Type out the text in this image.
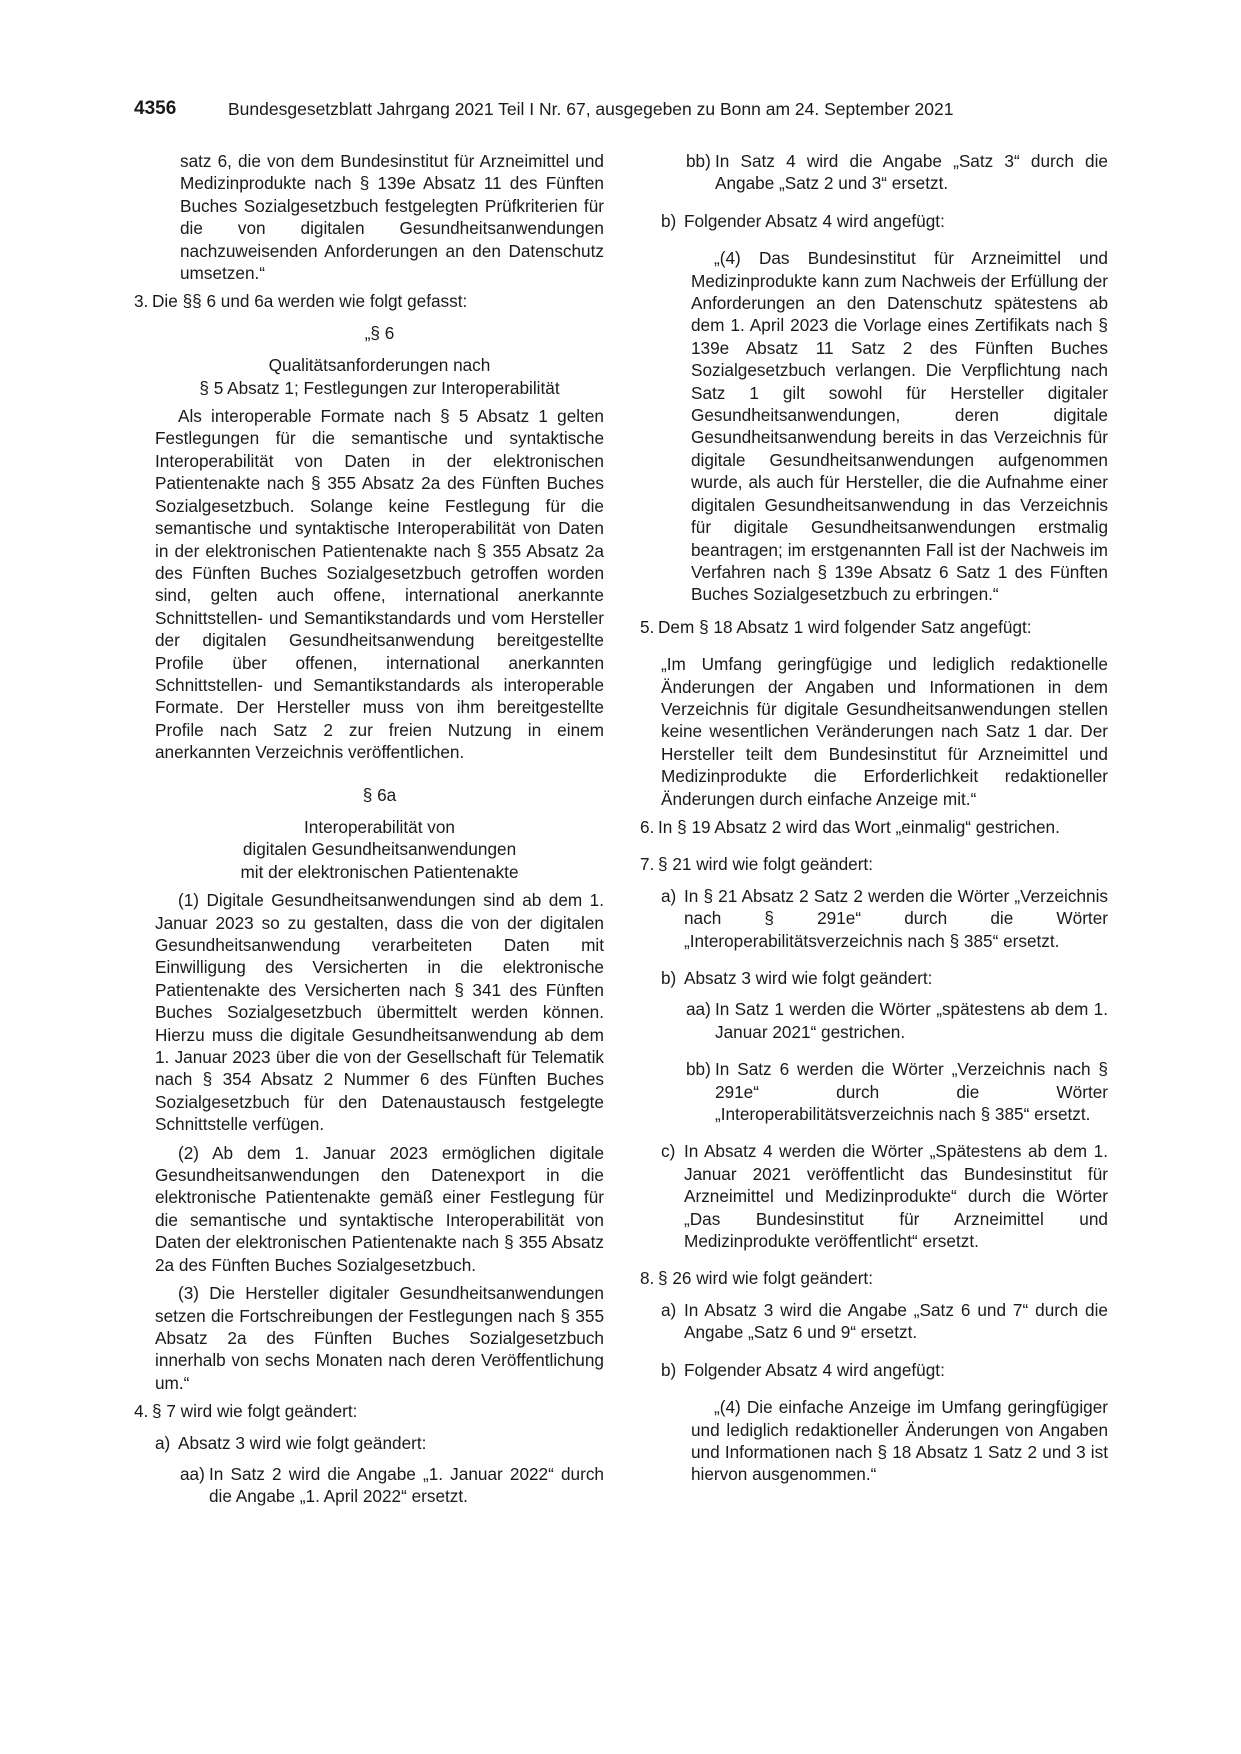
4356	Bundesgesetzblatt Jahrgang 2021 Teil I Nr. 67, ausgegeben zu Bonn am 24. September 2021

satz 6, die von dem Bundesinstitut für Arzneimittel und Medizinprodukte nach § 139e Absatz 11 des Fünften Buches Sozialgesetzbuch festgelegten Prüfkriterien für die von digitalen Gesundheitsanwendungen nachzuweisenden Anforderungen an den Datenschutz umsetzen.“

3. Die §§ 6 und 6a werden wie folgt gefasst:

„§ 6

Qualitätsanforderungen nach

§ 5 Absatz 1; Festlegungen zur Interoperabilität

Als interoperable Formate nach § 5 Absatz 1 gelten Festlegungen für die semantische und syntaktische Interoperabilität von Daten in der elektronischen Patientenakte nach § 355 Absatz 2a des Fünften Buches Sozialgesetzbuch. Solange keine Festlegung für die semantische und syntaktische Interoperabilität von Daten in der elektronischen Patientenakte nach § 355 Absatz 2a des Fünften Buches Sozialgesetzbuch getroffen worden sind, gelten auch offene, international anerkannte Schnittstellen- und Semantikstandards und vom Hersteller der digitalen Gesundheitsanwendung bereitgestellte Profile über offenen, international anerkannten Schnittstellen- und Semantikstandards als interoperable Formate. Der Hersteller muss von ihm bereitgestellte Profile nach Satz 2 zur freien Nutzung in einem anerkannten Verzeichnis veröffentlichen.

§ 6a

Interoperabilität von

digitalen Gesundheitsanwendungen

mit der elektronischen Patientenakte

(1) Digitale Gesundheitsanwendungen sind ab dem 1. Januar 2023 so zu gestalten, dass die von der digitalen Gesundheitsanwendung verarbeiteten Daten mit Einwilligung des Versicherten in die elektronische Patientenakte des Versicherten nach § 341 des Fünften Buches Sozialgesetzbuch übermittelt werden können. Hierzu muss die digitale Gesundheitsanwendung ab dem 1. Januar 2023 über die von der Gesellschaft für Telematik nach § 354 Absatz 2 Nummer 6 des Fünften Buches Sozialgesetzbuch für den Datenaustausch festgelegte Schnittstelle verfügen.

(2) Ab dem 1. Januar 2023 ermöglichen digitale Gesundheitsanwendungen den Datenexport in die elektronische Patientenakte gemäß einer Festlegung für die semantische und syntaktische Interoperabilität von Daten der elektronischen Patientenakte nach § 355 Absatz 2a des Fünften Buches Sozialgesetzbuch.

(3) Die Hersteller digitaler Gesundheitsanwendungen setzen die Fortschreibungen der Festlegungen nach § 355 Absatz 2a des Fünften Buches Sozialgesetzbuch innerhalb von sechs Monaten nach deren Veröffentlichung um.“

4. § 7 wird wie folgt geändert:
a) Absatz 3 wird wie folgt geändert:
aa) In Satz 2 wird die Angabe „1. Januar 2022“ durch die Angabe „1. April 2022“ ersetzt.
bb) In Satz 4 wird die Angabe „Satz 3“ durch die Angabe „Satz 2 und 3“ ersetzt.
b) Folgender Absatz 4 wird angefügt:

„(4) Das Bundesinstitut für Arzneimittel und Medizinprodukte kann zum Nachweis der Erfüllung der Anforderungen an den Datenschutz spätestens ab dem 1. April 2023 die Vorlage eines Zertifikats nach § 139e Absatz 11 Satz 2 des Fünften Buches Sozialgesetzbuch verlangen. Die Verpflichtung nach Satz 1 gilt sowohl für Hersteller digitaler Gesundheitsanwendungen, deren digitale Gesundheitsanwendung bereits in das Verzeichnis für digitale Gesundheitsanwendungen aufgenommen wurde, als auch für Hersteller, die die Aufnahme einer digitalen Gesundheitsanwendung in das Verzeichnis für digitale Gesundheitsanwendungen erstmalig beantragen; im erstgenannten Fall ist der Nachweis im Verfahren nach § 139e Absatz 6 Satz 1 des Fünften Buches Sozialgesetzbuch zu erbringen.“

5. Dem § 18 Absatz 1 wird folgender Satz angefügt:

„Im Umfang geringfügige und lediglich redaktionelle Änderungen der Angaben und Informationen in dem Verzeichnis für digitale Gesundheitsanwendungen stellen keine wesentlichen Veränderungen nach Satz 1 dar. Der Hersteller teilt dem Bundesinstitut für Arzneimittel und Medizinprodukte die Erforderlichkeit redaktioneller Änderungen durch einfache Anzeige mit.“

6. In § 19 Absatz 2 wird das Wort „einmalig“ gestrichen.
7. § 21 wird wie folgt geändert:
a) In § 21 Absatz 2 Satz 2 werden die Wörter „Verzeichnis nach § 291e“ durch die Wörter „Interoperabilitätsverzeichnis nach § 385“ ersetzt.
b) Absatz 3 wird wie folgt geändert:
aa) In Satz 1 werden die Wörter „spätestens ab dem 1. Januar 2021“ gestrichen.
bb) In Satz 6 werden die Wörter „Verzeichnis nach § 291e“ durch die Wörter „Interoperabilitätsverzeichnis nach § 385“ ersetzt.
c) In Absatz 4 werden die Wörter „Spätestens ab dem 1. Januar 2021 veröffentlicht das Bundesinstitut für Arzneimittel und Medizinprodukte“ durch die Wörter „Das Bundesinstitut für Arzneimittel und Medizinprodukte veröffentlicht“ ersetzt.
8. § 26 wird wie folgt geändert:
a) In Absatz 3 wird die Angabe „Satz 6 und 7“ durch die Angabe „Satz 6 und 9“ ersetzt.
b) Folgender Absatz 4 wird angefügt:

„(4) Die einfache Anzeige im Umfang geringfügiger und lediglich redaktioneller Änderungen von Angaben und Informationen nach § 18 Absatz 1 Satz 2 und 3 ist hiervon ausgenommen.“
